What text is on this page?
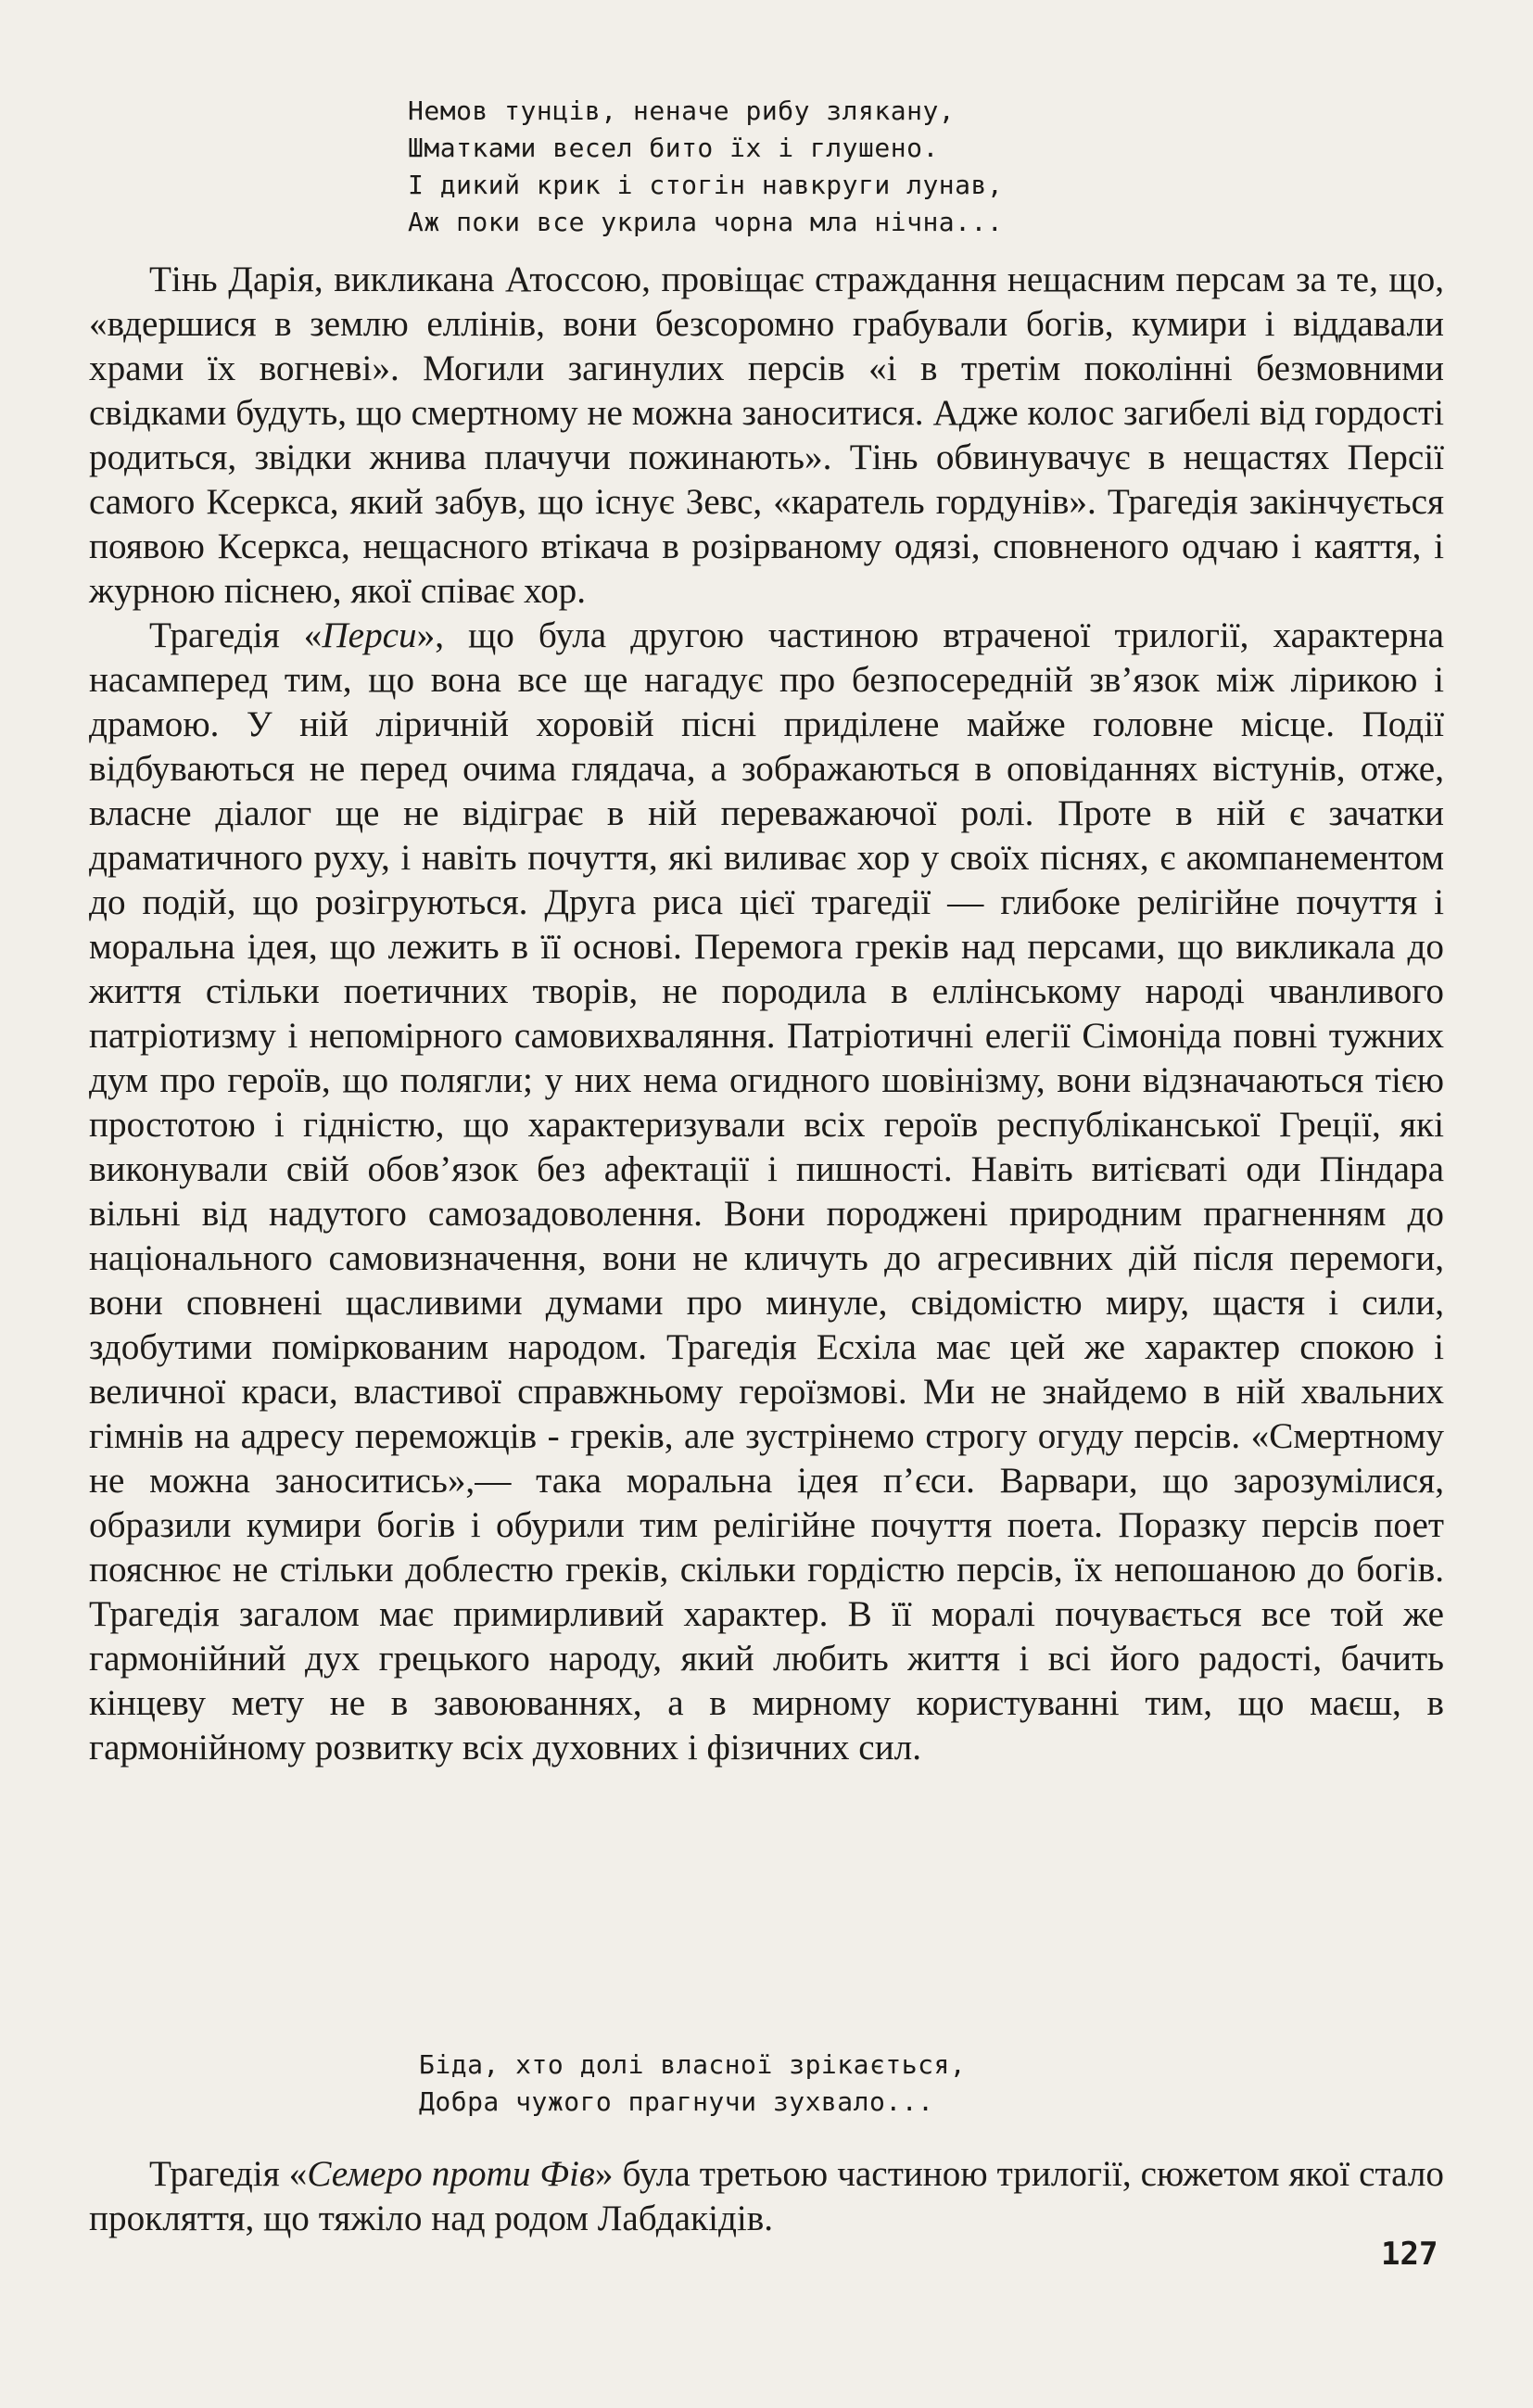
Немов тунців, неначе рибу злякану,
Шматками весел бито їх і глушено.
І дикий крик і стогін навкруги лунав,
Аж поки все укрила чорна мла нічна...

Тінь Дарія, викликана Атоссою, провіщає страждання нещасним персам за те, що, «вдершися в землю еллінів, вони безсоромно грабували богів, кумири і віддавали храми їх вогневі». Могили загинулих персів «і в третім поколінні безмовними свідками будуть, що смертному не можна заноситися. Адже колос загибелі від гордості родиться, звідки жнива плачучи пожинають». Тінь обвинувачує в нещастях Персії самого Ксеркса, який забув, що існує Зевс, «каратель гордунів». Трагедія закінчується появою Ксеркса, нещасного втікача в розірваному одязі, сповненого одчаю і каяття, і журною піснею, якої співає хор.

Трагедія «Перси», що була другою частиною втраченої трилогії, характерна насамперед тим, що вона все ще нагадує про безпосередній зв’язок між лірикою і драмою. У ній ліричній хоровій пісні приділене майже головне місце. Події відбуваються не перед очима глядача, а зображаються в оповіданнях вістунів, отже, власне діалог ще не відіграє в ній переважаючої ролі. Проте в ній є зачатки драматичного руху, і навіть почуття, які виливає хор у своїх піснях, є акомпанементом до подій, що розігруються. Друга риса цієї трагедії — глибоке релігійне почуття і моральна ідея, що лежить в її основі. Перемога греків над персами, що викликала до життя стільки поетичних творів, не породила в еллінському народі чванливого патріотизму і непомірного самовихваляння. Патріотичні елегії Сімоніда повні тужних дум про героїв, що полягли; у них нема огидного шовінізму, вони відзначаються тією простотою і гідністю, що характеризували всіх героїв республіканської Греції, які виконували свій обов’язок без афектації і пишності. Навіть витієваті оди Піндара вільні від надутого самозадоволення. Вони породжені природним прагненням до національного самовизначення, вони не кличуть до агресивних дій після перемоги, вони сповнені щасливими думами про минуле, свідомістю миру, щастя і сили, здобутими поміркованим народом. Трагедія Есхіла має цей же характер спокою і величної краси, властивої справжньому героїзмові. Ми не знайдемо в ній хвальних гімнів на адресу переможців - греків, але зустрінемо строгу огуду персів. «Смертному не можна заноситись»,— така моральна ідея п’єси. Варвари, що зарозумілися, образили кумири богів і обурили тим релігійне почуття поета. Поразку персів поет пояснює не стільки доблестю греків, скільки гордістю персів, їх непошаною до богів. Трагедія загалом має примирливий характер. В її моралі почувається все той же гармонійний дух грецького народу, який любить життя і всі його радості, бачить кінцеву мету не в завоюваннях, а в мирному користуванні тим, що маєш, в гармонійному розвитку всіх духовних і фізичних сил.

Біда, хто долі власної зрікається,
Добра чужого прагнучи зухвало...

Трагедія «Семеро проти Фів» була третьою частиною трилогії, сюжетом якої стало прокляття, що тяжіло над родом Лабдакідів.

127
